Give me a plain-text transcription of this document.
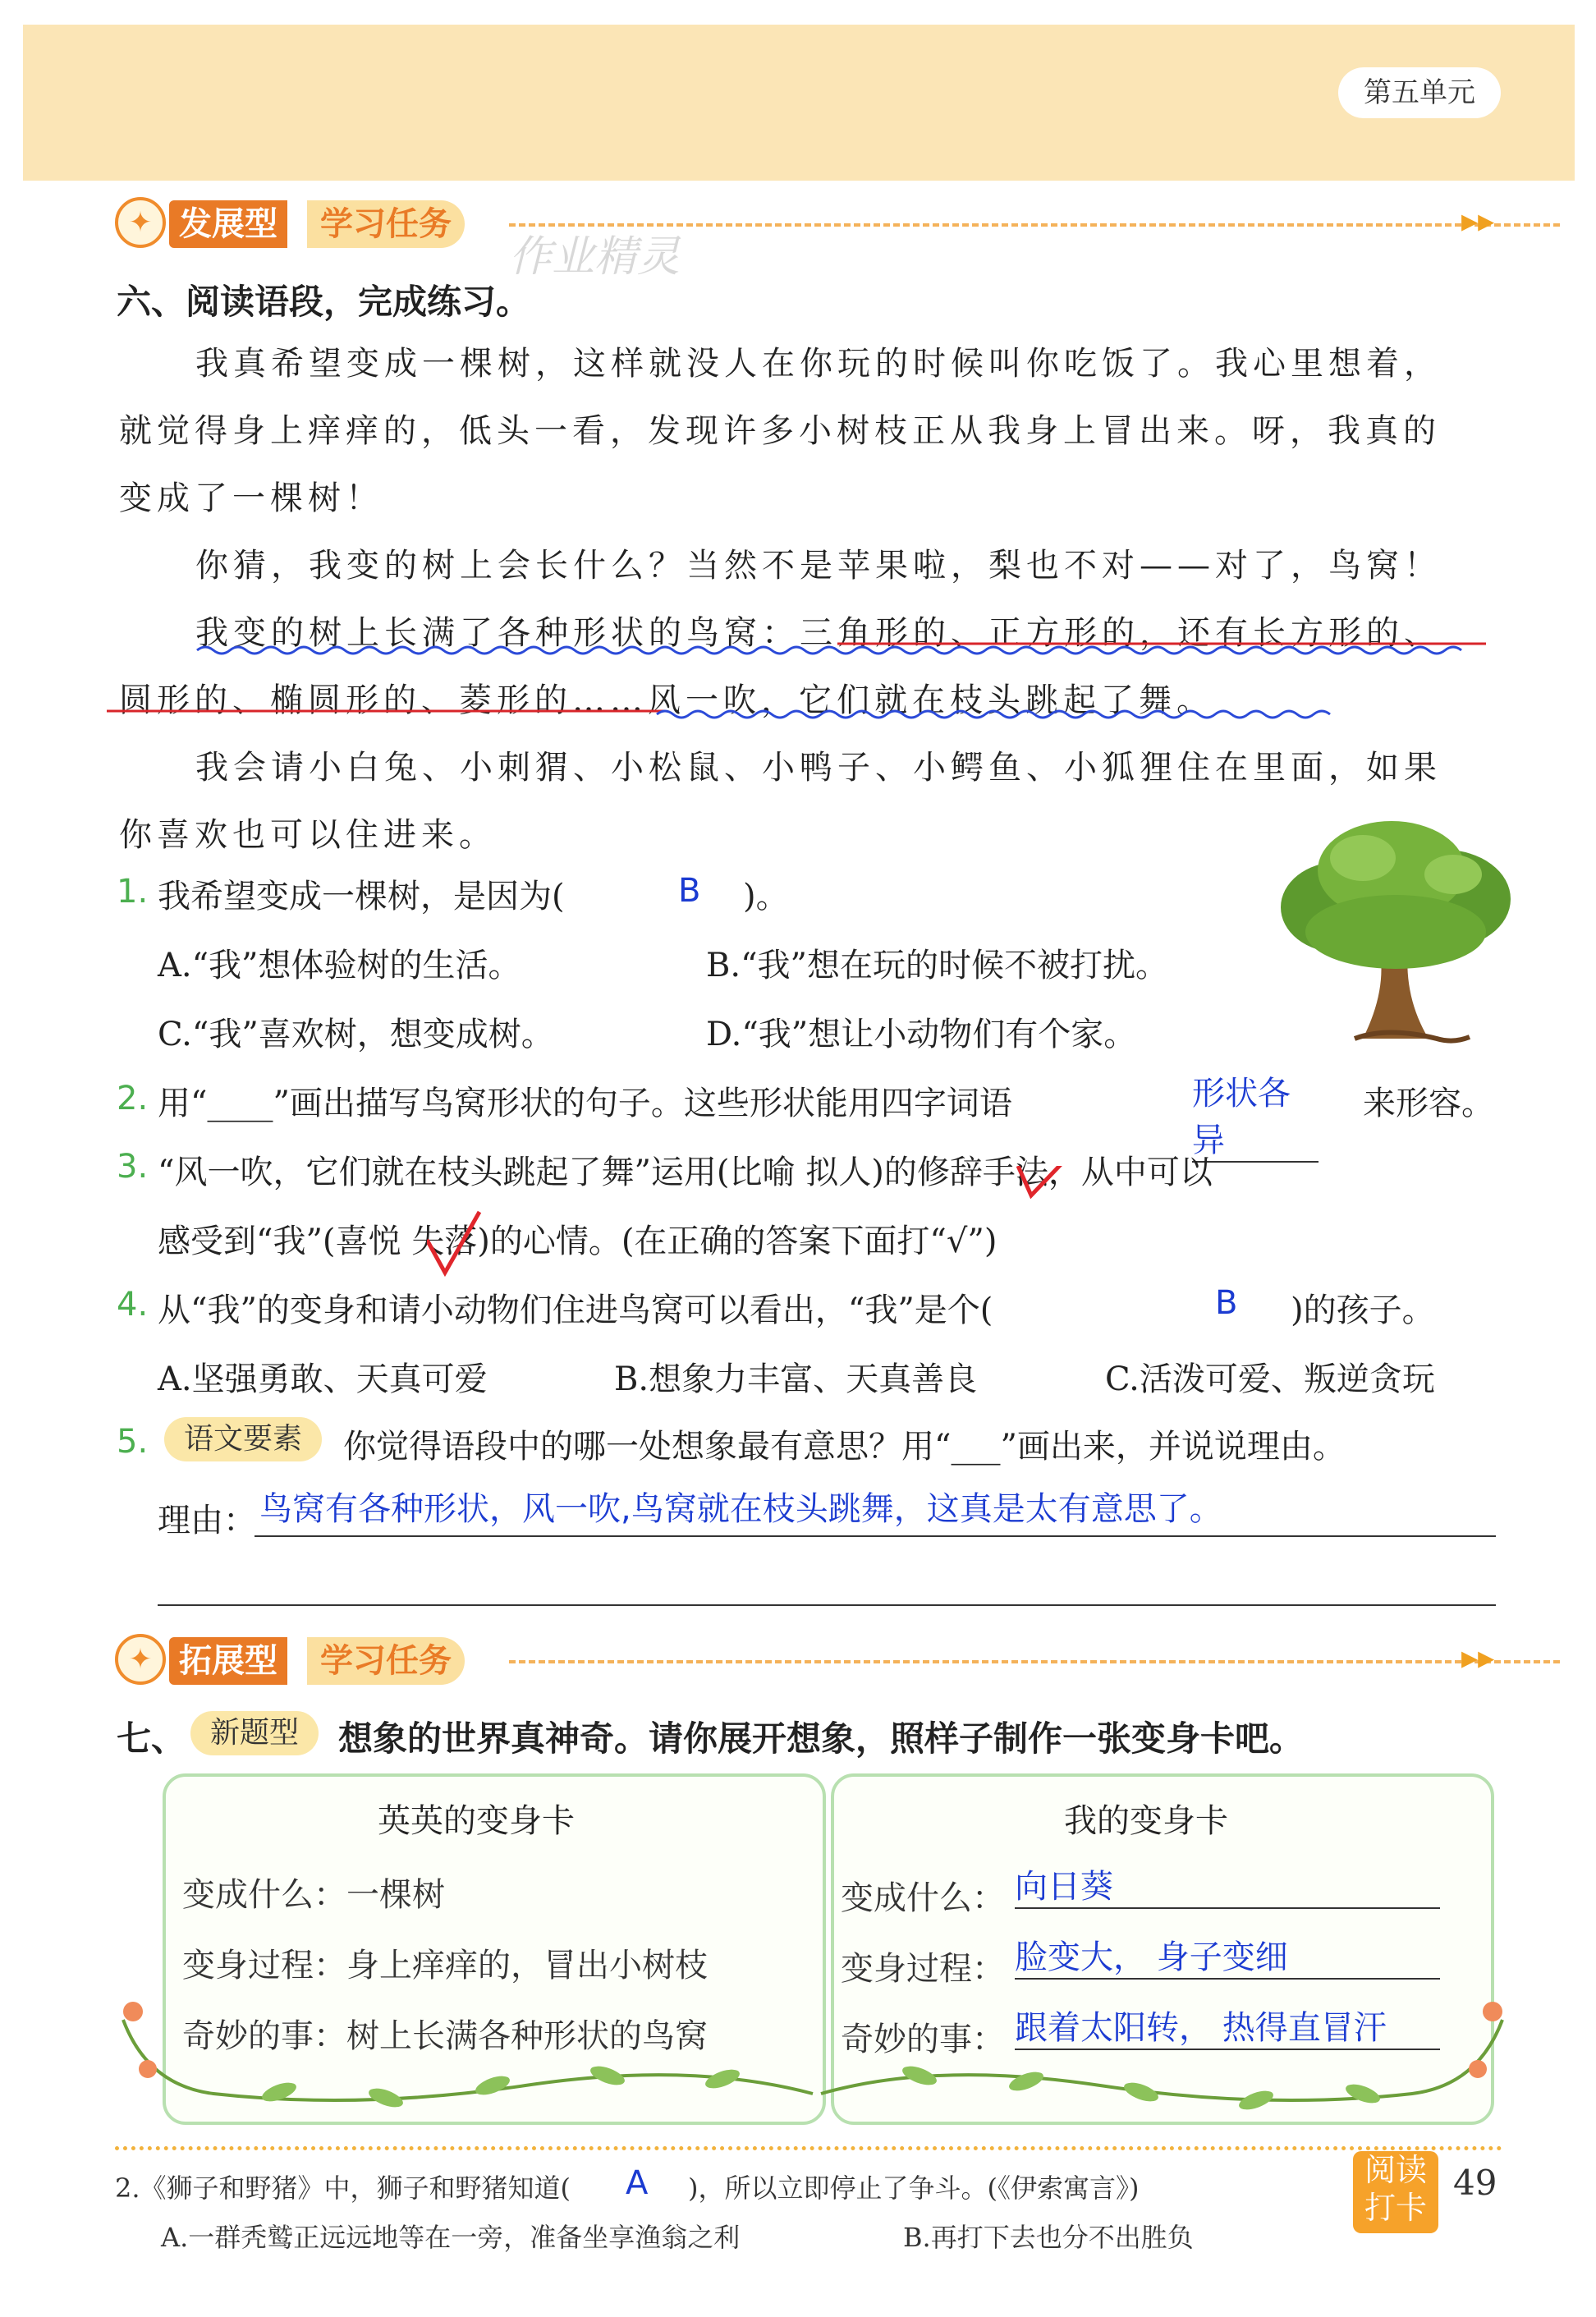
第五单元
✦ 发展型	学习任务	▸▸
作业精灵
六、阅读语段，完成练习。
我真希望变成一棵树，这样就没人在你玩的时候叫你吃饭了。我心里想着，
就觉得身上痒痒的，低头一看，发现许多小树枝正从我身上冒出来。呀，我真的
变成了一棵树！
你猜，我变的树上会长什么？当然不是苹果啦，梨也不对——对了，鸟窝！
我变的树上长满了各种形状的鸟窝：三角形的、正方形的，还有长方形的、
圆形的、椭圆形的、菱形的……风一吹，它们就在枝头跳起了舞。
我会请小白兔、小刺猬、小松鼠、小鸭子、小鳄鱼、小狐狸住在里面，如果
你喜欢也可以住进来。
1. 我希望变成一棵树，是因为(	B )。
A.“我”想体验树的生活。	B.“我”想在玩的时候不被打扰。
C.“我”喜欢树，想变成树。	D.“我”想让小动物们有个家。
2. 用“____”画出描写鸟窝形状的句子。这些形状能用四字词语	形状各异
来形容。
3. “风一吹，它们就在枝头跳起了舞”运用(比喻 拟人)的修辞手法，从中可以
感受到“我”(喜悦 失落)的心情。(在正确的答案下面打“√”)
4. 从“我”的变身和请小动物们住进鸟窝可以看出，“我”是个(	B )的孩子。
A.坚强勇敢、天真可爱	B.想象力丰富、天真善良	C.活泼可爱、叛逆贪玩
5.	语文要素	你觉得语段中的哪一处想象最有意思？用“___”画出来，并说说理由。
理由： 鸟窝有各种形状，风一吹,鸟窝就在枝头跳舞，这真是太有意思了。
✦ 拓展型	学习任务	▸▸
七、 新题型	想象的世界真神奇。请你展开想象，照样子制作一张变身卡吧。
英英的变身卡
变成什么：一棵树
变身过程：身上痒痒的，冒出小树枝
奇妙的事：树上长满各种形状的鸟窝
我的变身卡
变成什么： 向日葵
变身过程： 脸变大， 身子变细
奇妙的事： 跟着太阳转， 热得直冒汗
2.《狮子和野猪》中，狮子和野猪知道( A )，所以立即停止了争斗。(《伊索寓言》)
A.一群秃鹫正远远地等在一旁，准备坐享渔翁之利	B.再打下去也分不出胜负
阅读
打卡
49
